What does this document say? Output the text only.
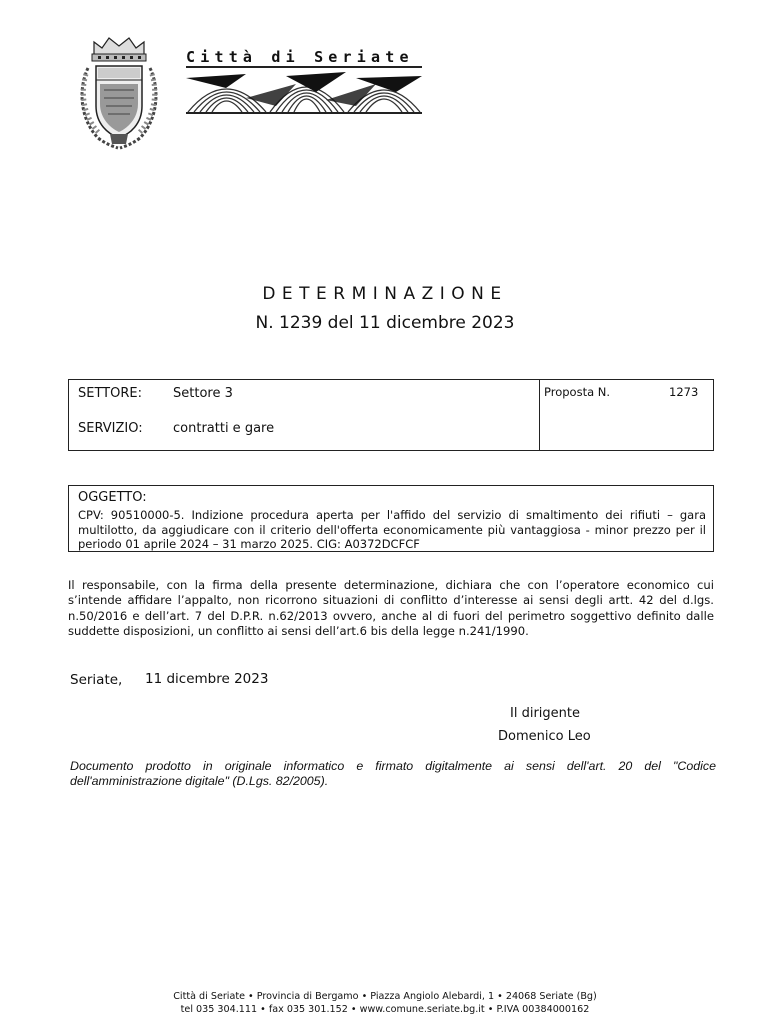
Città di Seriate
DETERMINAZIONE
N. 1239 del 11 dicembre 2023
SETTORE: Settore 3
SERVIZIO: contratti e gare
Proposta N.	1273
OGGETTO:
CPV: 90510000-5. Indizione procedura aperta per l'affido del servizio di smaltimento dei rifiuti – gara multilotto, da aggiudicare con il criterio dell'offerta economicamente più vantaggiosa - minor prezzo per il periodo 01 aprile 2024 – 31 marzo 2025. CIG: A0372DCFCF
Il responsabile, con la firma della presente determinazione, dichiara che con l’operatore economico cui s’intende affidare l’appalto, non ricorrono situazioni di conflitto d’interesse ai sensi degli artt. 42 del d.lgs. n.50/2016 e dell’art. 7 del D.P.R. n.62/2013 ovvero, anche al di fuori del perimetro soggettivo definito dalle suddette disposizioni, un conflitto ai sensi dell’art.6 bis della legge n.241/1990.
Seriate, 11 dicembre 2023
Il dirigente
Domenico Leo
Documento prodotto in originale informatico e firmato digitalmente ai sensi dell'art. 20 del "Codice dell'amministrazione digitale" (D.Lgs. 82/2005).
Città di Seriate • Provincia di Bergamo • Piazza Angiolo Alebardi, 1 • 24068 Seriate (Bg)
tel 035 304.111 • fax 035 301.152 • www.comune.seriate.bg.it • P.IVA 00384000162
